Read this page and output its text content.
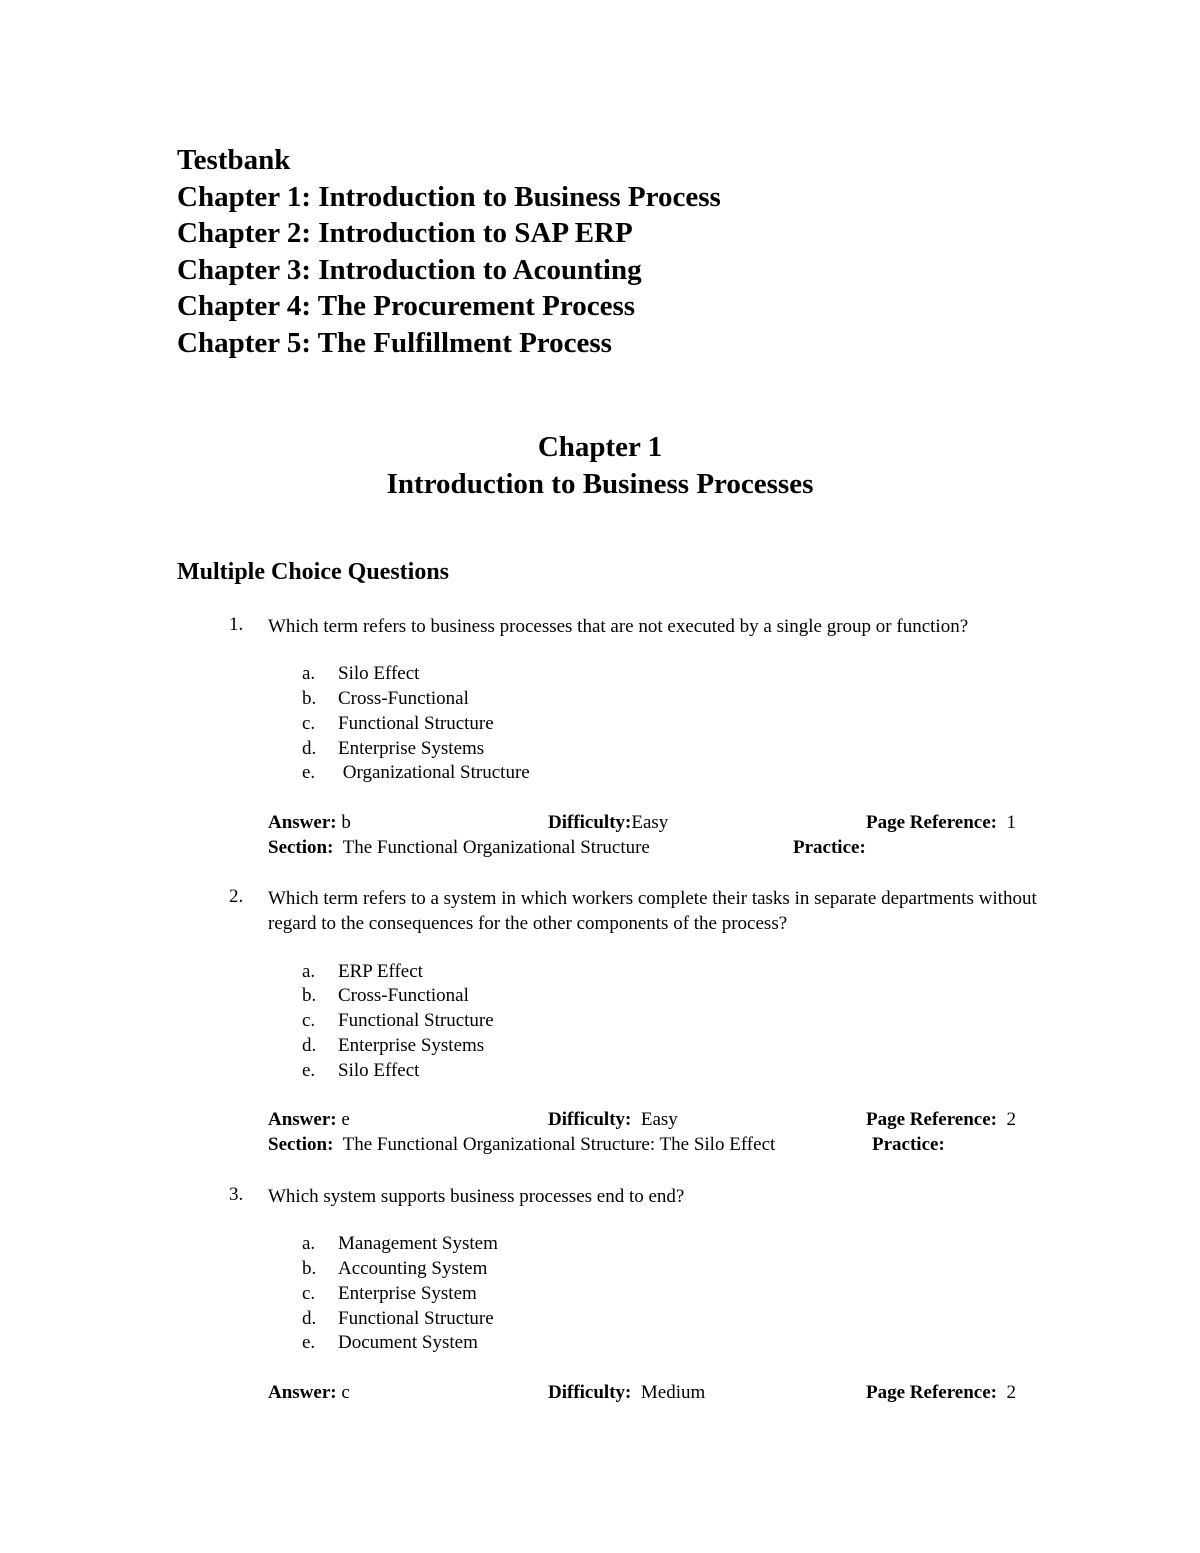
Testbank
Chapter 1: Introduction to Business Process
Chapter 2: Introduction to SAP ERP
Chapter 3: Introduction to Acounting
Chapter 4: The Procurement Process
Chapter 5: The Fulfillment Process
Chapter 1
Introduction to Business Processes
Multiple Choice Questions
1. Which term refers to business processes that are not executed by a single group or function?
a. Silo Effect
b. Cross-Functional
c. Functional Structure
d. Enterprise Systems
e. Organizational Structure
Answer: b	Difficulty:Easy	Page Reference: 1
Section: The Functional Organizational Structure	Practice:
2. Which term refers to a system in which workers complete their tasks in separate departments without regard to the consequences for the other components of the process?
a. ERP Effect
b. Cross-Functional
c. Functional Structure
d. Enterprise Systems
e. Silo Effect
Answer: e	Difficulty: Easy	Page Reference: 2
Section: The Functional Organizational Structure: The Silo Effect	Practice:
3. Which system supports business processes end to end?
a. Management System
b. Accounting System
c. Enterprise System
d. Functional Structure
e. Document System
Answer: c	Difficulty: Medium	Page Reference: 2
